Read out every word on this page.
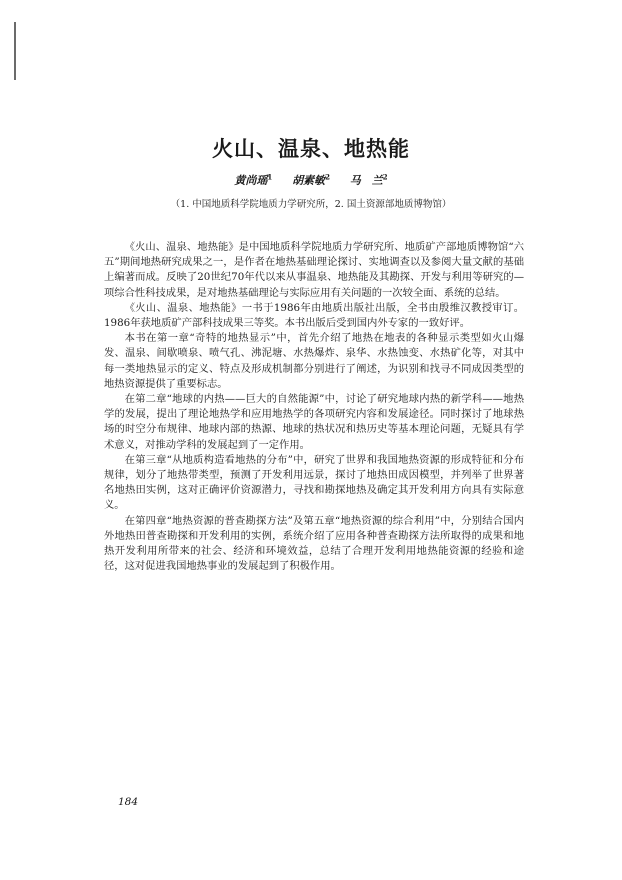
火山、温泉、地热能
黄尚瑶$^1$ 胡素敏$^2$ 马　兰$^2$
（1. 中国地质科学院地质力学研究所，2. 国土资源部地质博物馆）

《火山、温泉、地热能》是中国地质科学院地质力学研究所、地质矿产部地质博物馆“六五”期间地热研究成果之一，是作者在地热基础理论探讨、实地调查以及参阅大量文献的基础上编著而成。反映了20世纪70年代以来从事温泉、地热能及其勘探、开发与利用等研究的—项综合性科技成果，是对地热基础理论与实际应用有关问题的一次较全面、系统的总结。

《火山、温泉、地热能》一书于1986年由地质出版社出版，全书由殷维汉教授审订。1986年获地质矿产部科技成果三等奖。本书出版后受到国内外专家的一致好评。

本书在第一章“奇特的地热显示”中，首先介绍了地热在地表的各种显示类型如火山爆发、温泉、间歇喷泉、喷气孔、沸泥塘、水热爆炸、泉华、水热蚀变、水热矿化等，对其中每一类地热显示的定义、特点及形成机制都分别进行了阐述，为识别和找寻不同成因类型的地热资源提供了重要标志。

在第二章“地球的内热——巨大的自然能源”中，讨论了研究地球内热的新学科——地热学的发展，提出了理论地热学和应用地热学的各项研究内容和发展途径。同时探讨了地球热场的时空分布规律、地球内部的热源、地球的热状况和热历史等基本理论问题，无疑具有学术意义，对推动学科的发展起到了一定作用。

在第三章“从地质构造看地热的分布”中，研究了世界和我国地热资源的形成特征和分布规律，划分了地热带类型，预测了开发利用远景，探讨了地热田成因模型，并列举了世界著名地热田实例，这对正确评价资源潜力，寻找和勘探地热及确定其开发利用方向具有实际意义。

在第四章“地热资源的普查勘探方法”及第五章“地热资源的综合利用”中，分别结合国内外地热田普查勘探和开发利用的实例，系统介绍了应用各种普查勘探方法所取得的成果和地热开发利用所带来的社会、经济和环境效益，总结了合理开发利用地热能资源的经验和途径，这对促进我国地热事业的发展起到了积极作用。

184
